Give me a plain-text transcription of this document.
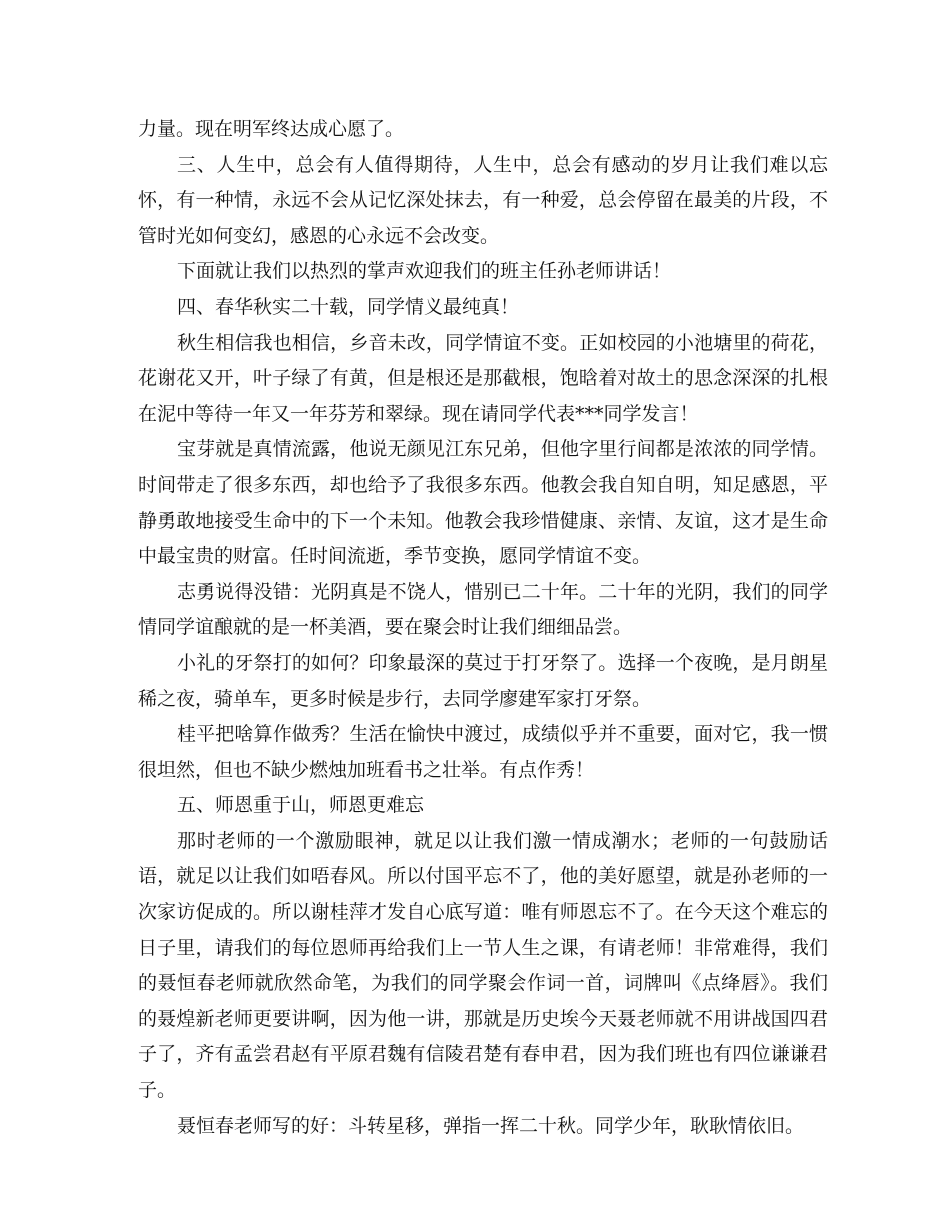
力量。现在明军终达成心愿了。

三、人生中，总会有人值得期待，人生中，总会有感动的岁月让我们难以忘怀，有一种情，永远不会从记忆深处抹去，有一种爱，总会停留在最美的片段，不管时光如何变幻，感恩的心永远不会改变。

下面就让我们以热烈的掌声欢迎我们的班主任孙老师讲话！

四、春华秋实二十载，同学情义最纯真！

秋生相信我也相信，乡音未改，同学情谊不变。正如校园的小池塘里的荷花，花谢花又开，叶子绿了有黄，但是根还是那截根，饱晗着对故土的思念深深的扎根在泥中等待一年又一年芬芳和翠绿。现在请同学代表***同学发言！

宝芽就是真情流露，他说无颜见江东兄弟，但他字里行间都是浓浓的同学情。时间带走了很多东西，却也给予了我很多东西。他教会我自知自明，知足感恩，平静勇敢地接受生命中的下一个未知。他教会我珍惜健康、亲情、友谊，这才是生命中最宝贵的财富。任时间流逝，季节变换，愿同学情谊不变。

志勇说得没错：光阴真是不饶人，惜别已二十年。二十年的光阴，我们的同学情同学谊酿就的是一杯美酒，要在聚会时让我们细细品尝。

小礼的牙祭打的如何？印象最深的莫过于打牙祭了。选择一个夜晚，是月朗星稀之夜，骑单车，更多时候是步行，去同学廖建军家打牙祭。

桂平把啥算作做秀？生活在愉快中渡过，成绩似乎并不重要，面对它，我一惯很坦然，但也不缺少燃烛加班看书之壮举。有点作秀！

五、师恩重于山，师恩更难忘

那时老师的一个激励眼神，就足以让我们激一情成潮水；老师的一句鼓励话语，就足以让我们如唔春风。所以付国平忘不了，他的美好愿望，就是孙老师的一次家访促成的。所以谢桂萍才发自心底写道：唯有师恩忘不了。在今天这个难忘的日子里，请我们的每位恩师再给我们上一节人生之课，有请老师！非常难得，我们的聂恒春老师就欣然命笔，为我们的同学聚会作词一首，词牌叫《点绛唇》。我们的聂煌新老师更要讲啊，因为他一讲，那就是历史埃今天聂老师就不用讲战国四君子了，齐有孟尝君赵有平原君魏有信陵君楚有春申君，因为我们班也有四位谦谦君子。

聂恒春老师写的好：斗转星移，弹指一挥二十秋。同学少年，耿耿情依旧。
